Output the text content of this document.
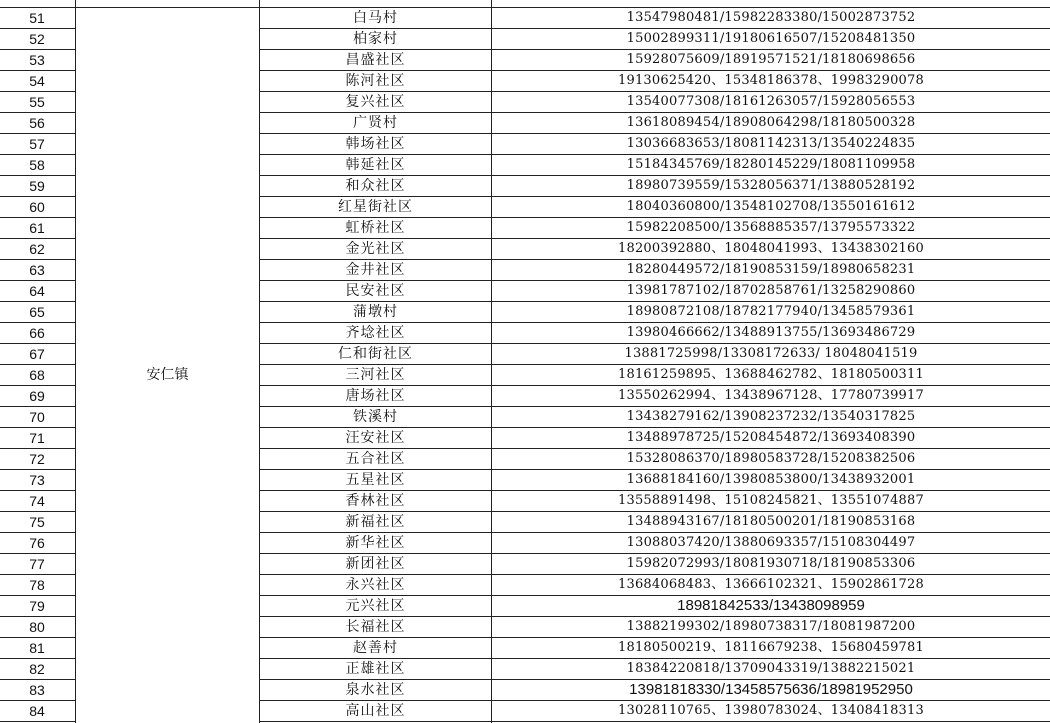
51	安仁镇	白马村	13547980481/15982283380/15002873752
52		柏家村	15002899311/19180616507/15208481350
53		昌盛社区	15928075609/18919571521/18180698656
54		陈河社区	19130625420、15348186378、19983290078
55		复兴社区	13540077308/18161263057/15928056553
56		广贤村	13618089454/18908064298/18180500328
57		韩场社区	13036683653/18081142313/13540224835
58		韩延社区	15184345769/18280145229/18081109958
59		和众社区	18980739559/15328056371/13880528192
60		红星街社区	18040360800/13548102708/13550161612
61		虹桥社区	15982208500/13568885357/13795573322
62		金光社区	18200392880、18048041993、13438302160
63		金井社区	18280449572/18190853159/18980658231
64		民安社区	13981787102/18702858761/13258290860
65		蒲墩村	18980872108/18782177940/13458579361
66		齐埝社区	13980466662/13488913755/13693486729
67		仁和街社区	13881725998/13308172633/ 18048041519
68		三河社区	18161259895、13688462782、18180500311
69		唐场社区	13550262994、13438967128、17780739917
70		铁溪村	13438279162/13908237232/13540317825
71		汪安社区	13488978725/15208454872/13693408390
72		五合社区	15328086370/18980583728/15208382506
73		五星社区	13688184160/13980853800/13438932001
74		香林社区	13558891498、15108245821、13551074887
75		新福社区	13488943167/18180500201/18190853168
76		新华社区	13088037420/13880693357/15108304497
77		新团社区	15982072993/18081930718/18190853306
78		永兴社区	13684068483、13666102321、15902861728
79		元兴社区	18981842533/13438098959
80		长福社区	13882199302/18980738317/18081987200
81		赵善村	18180500219、18116679238、15680459781
82		正雄社区	18384220818/13709043319/13882215021
83		泉水社区	13981818330/13458575636/18981952950
84		高山社区	13028110765、13980783024、13408418313
